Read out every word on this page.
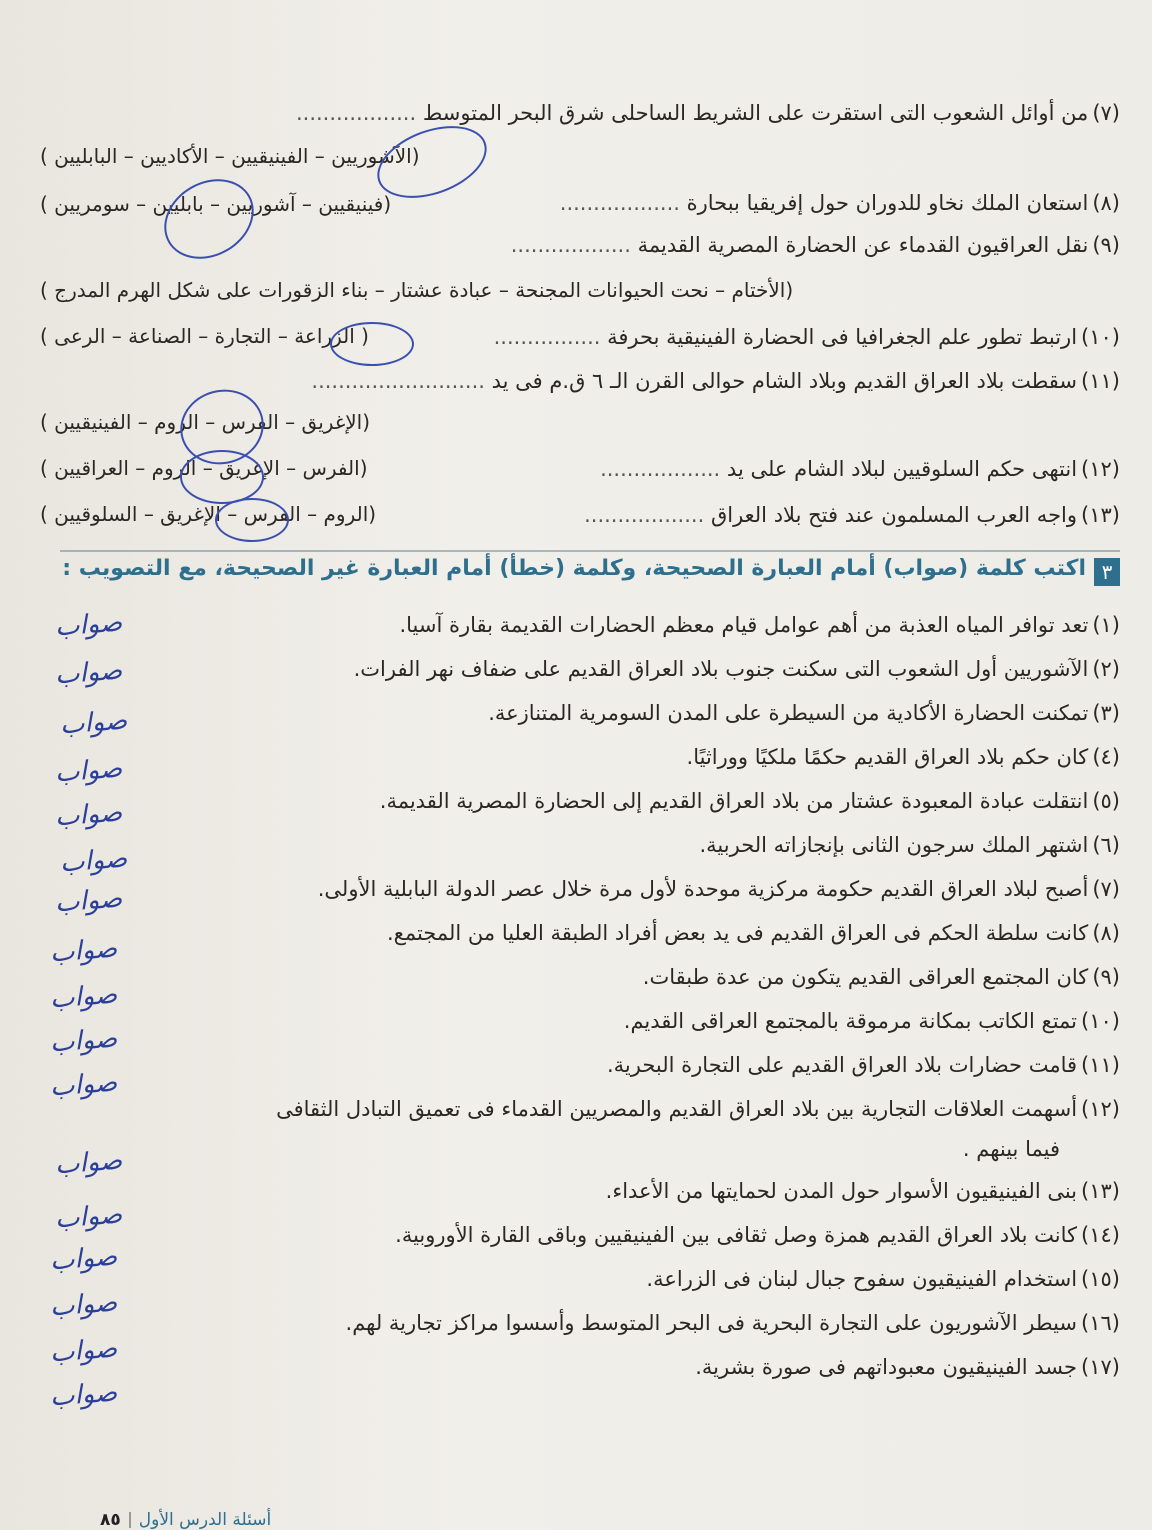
(٧)من أوائل الشعوب التى استقرت على الشريط الساحلى شرق البحر المتوسط ..................
(الآشوريين – الفينيقيين – الأكاديين – البابليين )
(٨)استعان الملك نخاو للدوران حول إفريقيا ببحارة ..................
(فينيقيين – آشوريين – بابليين – سومريين )
(٩)نقل العراقيون القدماء عن الحضارة المصرية القديمة ..................
(الأختام – نحت الحيوانات المجنحة – عبادة عشتار – بناء الزقورات على شكل الهرم المدرج )
(١٠)ارتبط تطور علم الجغرافيا فى الحضارة الفينيقية بحرفة ................
( الزراعة – التجارة – الصناعة – الرعى )
(١١)سقطت بلاد العراق القديم وبلاد الشام حوالى القرن الـ ٦ ق.م فى يد ..........................
(الإغريق – الفرس – الروم – الفينيقيين )
(١٢)انتهى حكم السلوقيين لبلاد الشام على يد ..................
(الفرس – الإغريق – الروم – العراقيين )
(١٣)واجه العرب المسلمون عند فتح بلاد العراق ..................
(الروم – الفرس – الإغريق – السلوقيين )
٣
اكتب كلمة (صواب) أمام العبارة الصحيحة، وكلمة (خطأ) أمام العبارة غير الصحيحة، مع التصويب :
(١)تعد توافر المياه العذبة من أهم عوامل قيام معظم الحضارات القديمة بقارة آسيا.
(٢)الآشوريين أول الشعوب التى سكنت جنوب بلاد العراق القديم على ضفاف نهر الفرات.
(٣)تمكنت الحضارة الأكادية من السيطرة على المدن السومرية المتنازعة.
(٤)كان حكم بلاد العراق القديم حكمًا ملكيًا ووراثيًا.
(٥)انتقلت عبادة المعبودة عشتار من بلاد العراق القديم إلى الحضارة المصرية القديمة.
(٦)اشتهر الملك سرجون الثانى بإنجازاته الحربية.
(٧)أصبح لبلاد العراق القديم حكومة مركزية موحدة لأول مرة خلال عصر الدولة البابلية الأولى.
(٨)كانت سلطة الحكم فى العراق القديم فى يد بعض أفراد الطبقة العليا من المجتمع.
(٩)كان المجتمع العراقى القديم يتكون من عدة طبقات.
(١٠)تمتع الكاتب بمكانة مرموقة بالمجتمع العراقى القديم.
(١١)قامت حضارات بلاد العراق القديم على التجارة البحرية.
(١٢)أسهمت العلاقات التجارية بين بلاد العراق القديم والمصريين القدماء فى تعميق التبادل الثقافى
فيما بينهم .
(١٣)بنى الفينيقيون الأسوار حول المدن لحمايتها من الأعداء.
(١٤)كانت بلاد العراق القديم همزة وصل ثقافى بين الفينيقيين وباقى القارة الأوروبية.
(١٥)استخدام الفينيقيون سفوح جبال لبنان فى الزراعة.
(١٦)سيطر الآشوريون على التجارة البحرية فى البحر المتوسط وأسسوا مراكز تجارية لهم.
(١٧)جسد الفينيقيون معبوداتهم فى صورة بشرية.
صواب
صواب
صواب
صواب
صواب
صواب
صواب
صواب
صواب
صواب
صواب
صواب
صواب
صواب
صواب
صواب
صواب
أسئلة الدرس الأول٨٥
